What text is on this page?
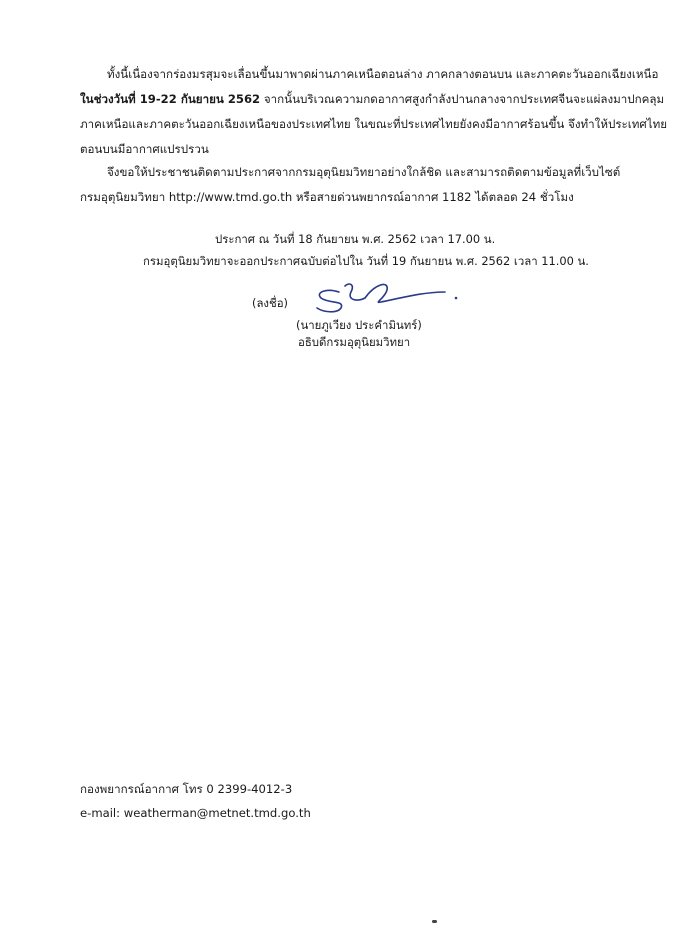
ทั้งนี้เนื่องจากร่องมรสุมจะเลื่อนขึ้นมาพาดผ่านภาคเหนือตอนล่าง ภาคกลางตอนบน และภาคตะวันออกเฉียงเหนือ
ในช่วงวันที่ 19-22 กันยายน 2562 จากนั้นบริเวณความกดอากาศสูงกำลังปานกลางจากประเทศจีนจะแผ่ลงมาปกคลุม
ภาคเหนือและภาคตะวันออกเฉียงเหนือของประเทศไทย ในขณะที่ประเทศไทยยังคงมีอากาศร้อนขึ้น จึงทำให้ประเทศไทย
ตอนบนมีอากาศแปรปรวน
จึงขอให้ประชาชนติดตามประกาศจากกรมอุตุนิยมวิทยาอย่างใกล้ชิด และสามารถติดตามข้อมูลที่เว็บไซต์
กรมอุตุนิยมวิทยา http://www.tmd.go.th หรือสายด่วนพยากรณ์อากาศ 1182 ได้ตลอด 24 ชั่วโมง
ประกาศ ณ วันที่ 18 กันยายน พ.ศ. 2562 เวลา 17.00 น.
กรมอุตุนิยมวิทยาจะออกประกาศฉบับต่อไปใน วันที่ 19 กันยายน พ.ศ. 2562 เวลา 11.00 น.
(ลงชื่อ)
(นายภูเวียง ประคำมินทร์)
อธิบดีกรมอุตุนิยมวิทยา
กองพยากรณ์อากาศ โทร 0 2399-4012-3
e-mail: weatherman@metnet.tmd.go.th
